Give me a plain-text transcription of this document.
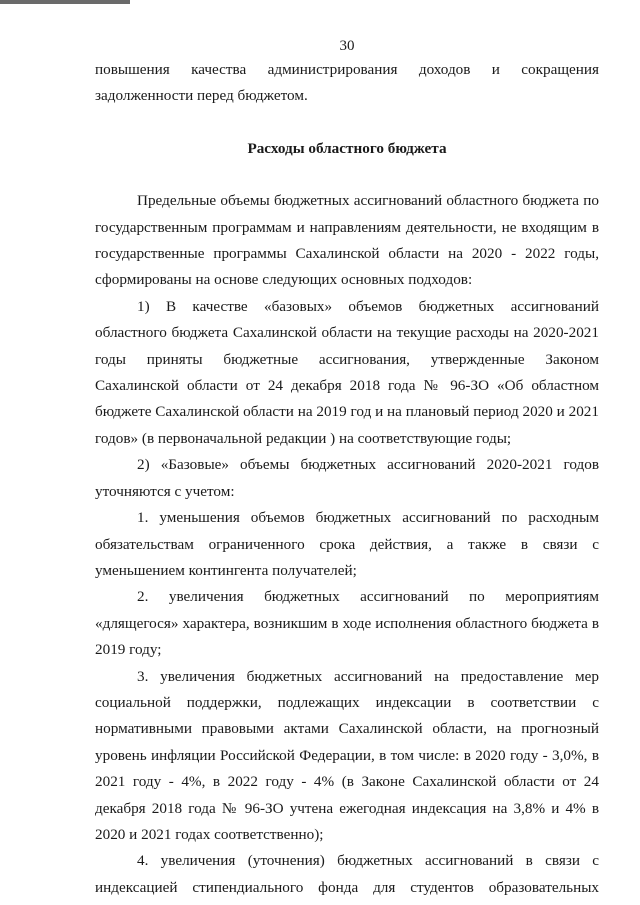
30

повышения качества администрирования доходов и сокращения

задолженности перед бюджетом.

Расходы областного бюджета

Предельные объемы бюджетных ассигнований областного бюджета по государственным программам и направлениям деятельности, не входящим в государственные программы Сахалинской области на 2020 - 2022 годы, сформированы на основе следующих основных подходов:

1) В качестве «базовых» объемов бюджетных ассигнований областного бюджета Сахалинской области на текущие расходы на 2020-2021 годы приняты бюджетные ассигнования, утвержденные Законом Сахалинской области от 24 декабря 2018 года № 96-ЗО «Об областном бюджете Сахалинской области на 2019 год и на плановый период 2020 и 2021 годов» (в первоначальной редакции ) на соответствующие годы;

2) «Базовые» объемы бюджетных ассигнований 2020-2021 годов уточняются с учетом:

1. уменьшения объемов бюджетных ассигнований по расходным обязательствам ограниченного срока действия, а также в связи с уменьшением контингента получателей;

2. увеличения бюджетных ассигнований по мероприятиям «длящегося» характера, возникшим в ходе исполнения областного бюджета в 2019 году;

3. увеличения бюджетных ассигнований на предоставление мер социальной поддержки, подлежащих индексации в соответствии с нормативными правовыми актами Сахалинской области, на прогнозный уровень инфляции Российской Федерации, в том числе: в 2020 году - 3,0%, в 2021 году - 4%, в 2022 году - 4% (в Законе Сахалинской области от 24 декабря 2018 года № 96-ЗО учтена ежегодная индексация на 3,8% и 4% в 2020 и 2021 годах соответственно);

4. увеличения (уточнения) бюджетных ассигнований в связи с индексацией стипендиального фонда для студентов образовательных
